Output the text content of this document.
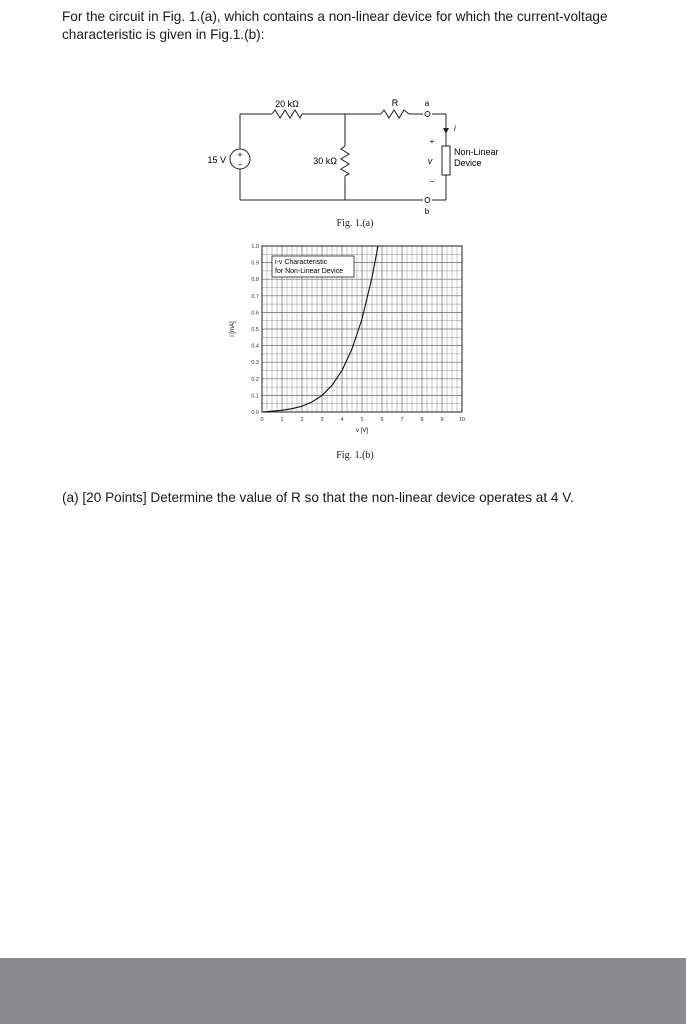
For the circuit in Fig. 1.(a), which contains a non-linear device for which the current-voltage characteristic is given in Fig.1.(b):

+
−
15 V
20 kΩ
30 kΩ
R	a
b
+
v
−
i
Non-Linear
Device
Fig. 1.(a)
0	1	2	3	4	5	6	7	8	9	10
0.0
0.1
0.2
0.3
0.4
0.5
0.6
0.7
0.8
0.9
1.0
i-v Characteristic
for Non-Linear Device
v [V]
i [mA]
Fig. 1.(b)

(a) [20 Points] Determine the value of R so that the non-linear device operates at 4 V.
